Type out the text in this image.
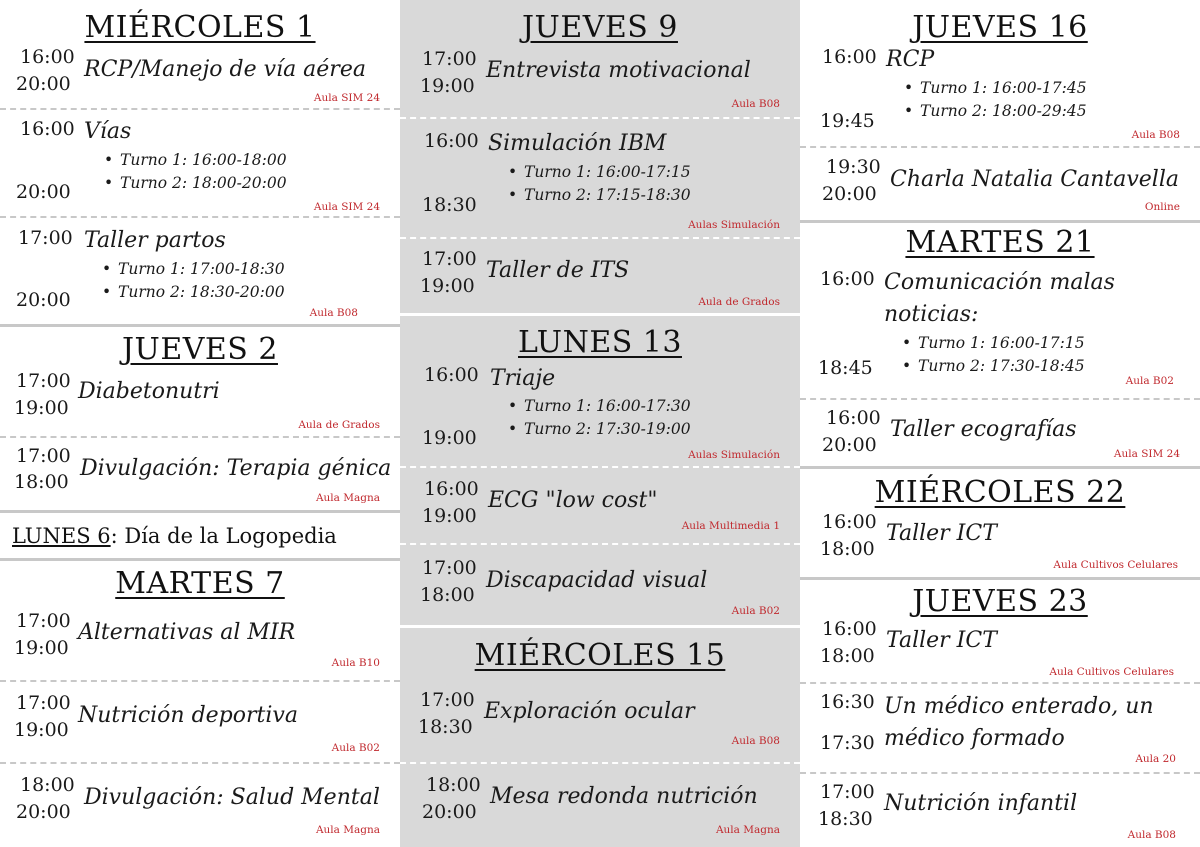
MIÉRCOLES 1
16:00
20:00
RCP/Manejo de vía aérea
Aula SIM 24
16:00
20:00
Vías
• Turno 1: 16:00-18:00
• Turno 2: 18:00-20:00
Aula SIM 24
17:00
20:00
Taller partos
• Turno 1: 17:00-18:30
• Turno 2: 18:30-20:00
Aula B08
JUEVES 2
17:00
19:00
Diabetonutri
Aula de Grados
17:00
18:00
Divulgación: Terapia génica
Aula Magna
LUNES 6: Día de la Logopedia
MARTES 7
17:00
19:00
Alternativas al MIR
Aula B10
17:00
19:00
Nutrición deportiva
Aula B02
18:00
20:00
Divulgación: Salud Mental
Aula Magna
JUEVES 9
17:00
19:00
Entrevista motivacional
Aula B08
16:00
18:30
Simulación IBM
• Turno 1: 16:00-17:15
• Turno 2: 17:15-18:30
Aulas Simulación
17:00
19:00
Taller de ITS
Aula de Grados
LUNES 13
16:00
19:00
Triaje
• Turno 1: 16:00-17:30
• Turno 2: 17:30-19:00
Aulas Simulación
16:00
19:00
ECG "low cost"
Aula Multimedia 1
17:00
18:00
Discapacidad visual
Aula B02
MIÉRCOLES 15
17:00
18:30
Exploración ocular
Aula B08
18:00
20:00
Mesa redonda nutrición
Aula Magna
JUEVES 16
16:00
19:45
RCP
• Turno 1: 16:00-17:45
• Turno 2: 18:00-29:45
Aula B08
19:30
20:00
Charla Natalia Cantavella
Online
MARTES 21
16:00
18:45
Comunicación malas
noticias:
• Turno 1: 16:00-17:15
• Turno 2: 17:30-18:45
Aula B02
16:00
20:00
Taller ecografías
Aula SIM 24
MIÉRCOLES 22
16:00
18:00
Taller ICT
Aula Cultivos Celulares
JUEVES 23
16:00
18:00
Taller ICT
Aula Cultivos Celulares
16:30
17:30
Un médico enterado, un
médico formado
Aula 20
17:00
18:30
Nutrición infantil
Aula B08
